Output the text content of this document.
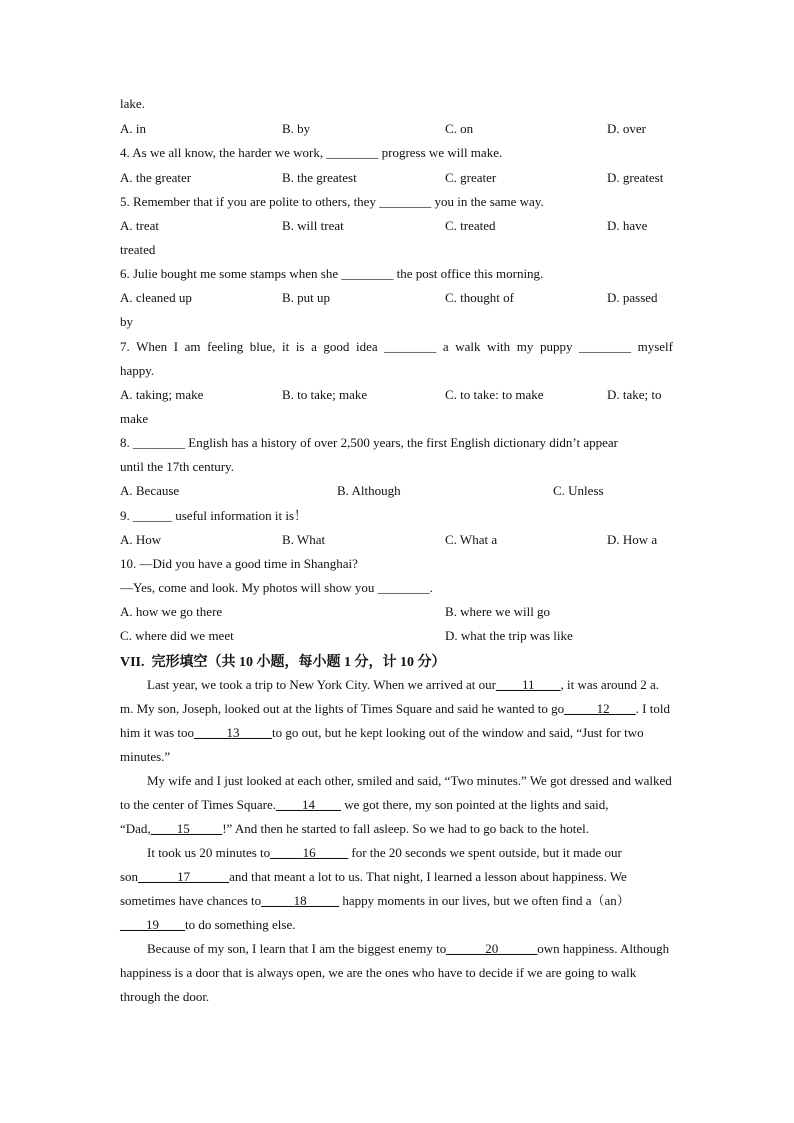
lake.
A. in	B. by	C. on	D. over
4. As we all know, the harder we work, ________ progress we will make.
A. the greater	B. the greatest	C. greater	D. greatest
5. Remember that if you are polite to others, they ________ you in the same way.
A. treat	B. will treat	C. treated	D. have
treated
6. Julie bought me some stamps when she ________ the post office this morning.
A. cleaned up	B. put up	C. thought of	D. passed
by
7. When I am feeling blue, it is a good idea ________ a walk with my puppy ________ myself
happy.
A. taking; make	B. to take; make	C. to take: to make	D. take; to
make
8. ________ English has a history of over 2,500 years, the first English dictionary didn’t appear
until the 17th century.
A. Because	B. Although	C. Unless
9. ______ useful information it is！
A. How	B. What	C. What a	D. How a
10. —Did you have a good time in Shanghai?
—Yes, come and look. My photos will show you ________.
A. how we go there	B. where we will go
C. where did we meet	D. what the trip was like
VII.  完形填空（共 10 小题，每小题 1 分，计 10 分）

Last year, we took a trip to New York City. When we arrived at our____11____, it was around 2 a. m. My son, Joseph, looked out at the lights of Times Square and said he wanted to go_____12____. I told him it was too_____13_____to go out, but he kept looking out of the window and said, “Just for two minutes.”

My wife and I just looked at each other, smiled and said, “Two minutes.” We got dressed and walked to the center of Times Square.____14____ we got there, my son pointed at the lights and said, “Dad,____15_____!” And then he started to fall asleep. So we had to go back to the hotel.

It took us 20 minutes to_____16_____ for the 20 seconds we spent outside, but it made our son______17______and that meant a lot to us. That night, I learned a lesson about happiness. We sometimes have chances to_____18_____ happy moments in our lives, but we often find a（an）____19____to do something else.

Because of my son, I learn that I am the biggest enemy to______20______own happiness. Although happiness is a door that is always open, we are the ones who have to decide if we are going to walk through the door.
